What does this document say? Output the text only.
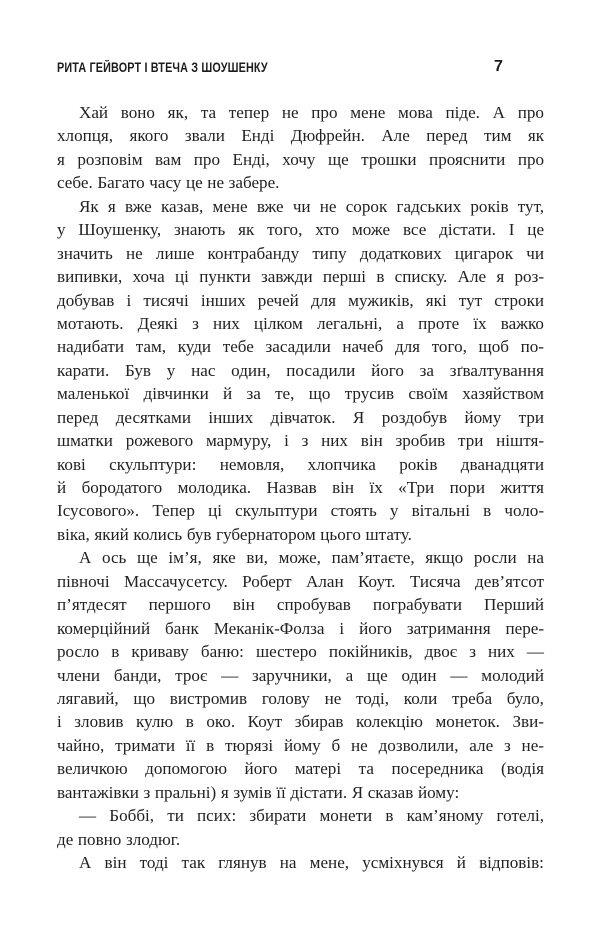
РИТА ГЕЙВОРТ І ВТЕЧА З ШОУШЕНКУ	7

Хай воно як, та тепер не про мене мова піде. А про
хлопця, якого звали Енді Дюфрейн. Але перед тим як
я розповім вам про Енді, хочу ще трошки прояснити про
себе. Багато часу це не забере.

Як я вже казав, мене вже чи не сорок гадських років тут,
у Шоушенку, знають як того, хто може все дістати. І це
значить не лише контрабанду типу додаткових цигарок чи
випивки, хоча ці пункти завжди перші в списку. Але я роз-
добував і тисячі інших речей для мужиків, які тут строки
мотають. Деякі з них цілком легальні, а проте їх важко
надибати там, куди тебе засадили начеб для того, щоб по-
карати. Був у нас один, посадили його за зґвалтування
маленької дівчинки й за те, що трусив своїм хазяйством
перед десятками інших дівчаток. Я роздобув йому три
шматки рожевого мармуру, і з них він зробив три ніштя-
кові скульптури: немовля, хлопчика років дванадцяти
й бородатого молодика. Назвав він їх «Три пори життя
Ісусового». Тепер ці скульптури стоять у вітальні в чоло-
віка, який колись був губернатором цього штату.

А ось ще ім’я, яке ви, може, пам’ятаєте, якщо росли на
півночі Массачусетсу. Роберт Алан Коут. Тисяча дев’ятсот
п’ятдесят першого він спробував пограбувати Перший
комерційний банк Меканік-Фолза і його затримання пере-
росло в криваву баню: шестеро покійників, двоє з них —
члени банди, троє — заручники, а ще один — молодий
лягавий, що вистромив голову не тоді, коли треба було,
і зловив кулю в око. Коут збирав колекцію монеток. Зви-
чайно, тримати її в тюрязі йому б не дозволили, але з не-
величкою допомогою його матері та посередника (водія
вантажівки з пральні) я зумів її дістати. Я сказав йому:

— Боббі, ти псих: збирати монети в кам’яному готелі,
де повно злодюг.

А він тоді так глянув на мене, усміхнувся й відповів:
